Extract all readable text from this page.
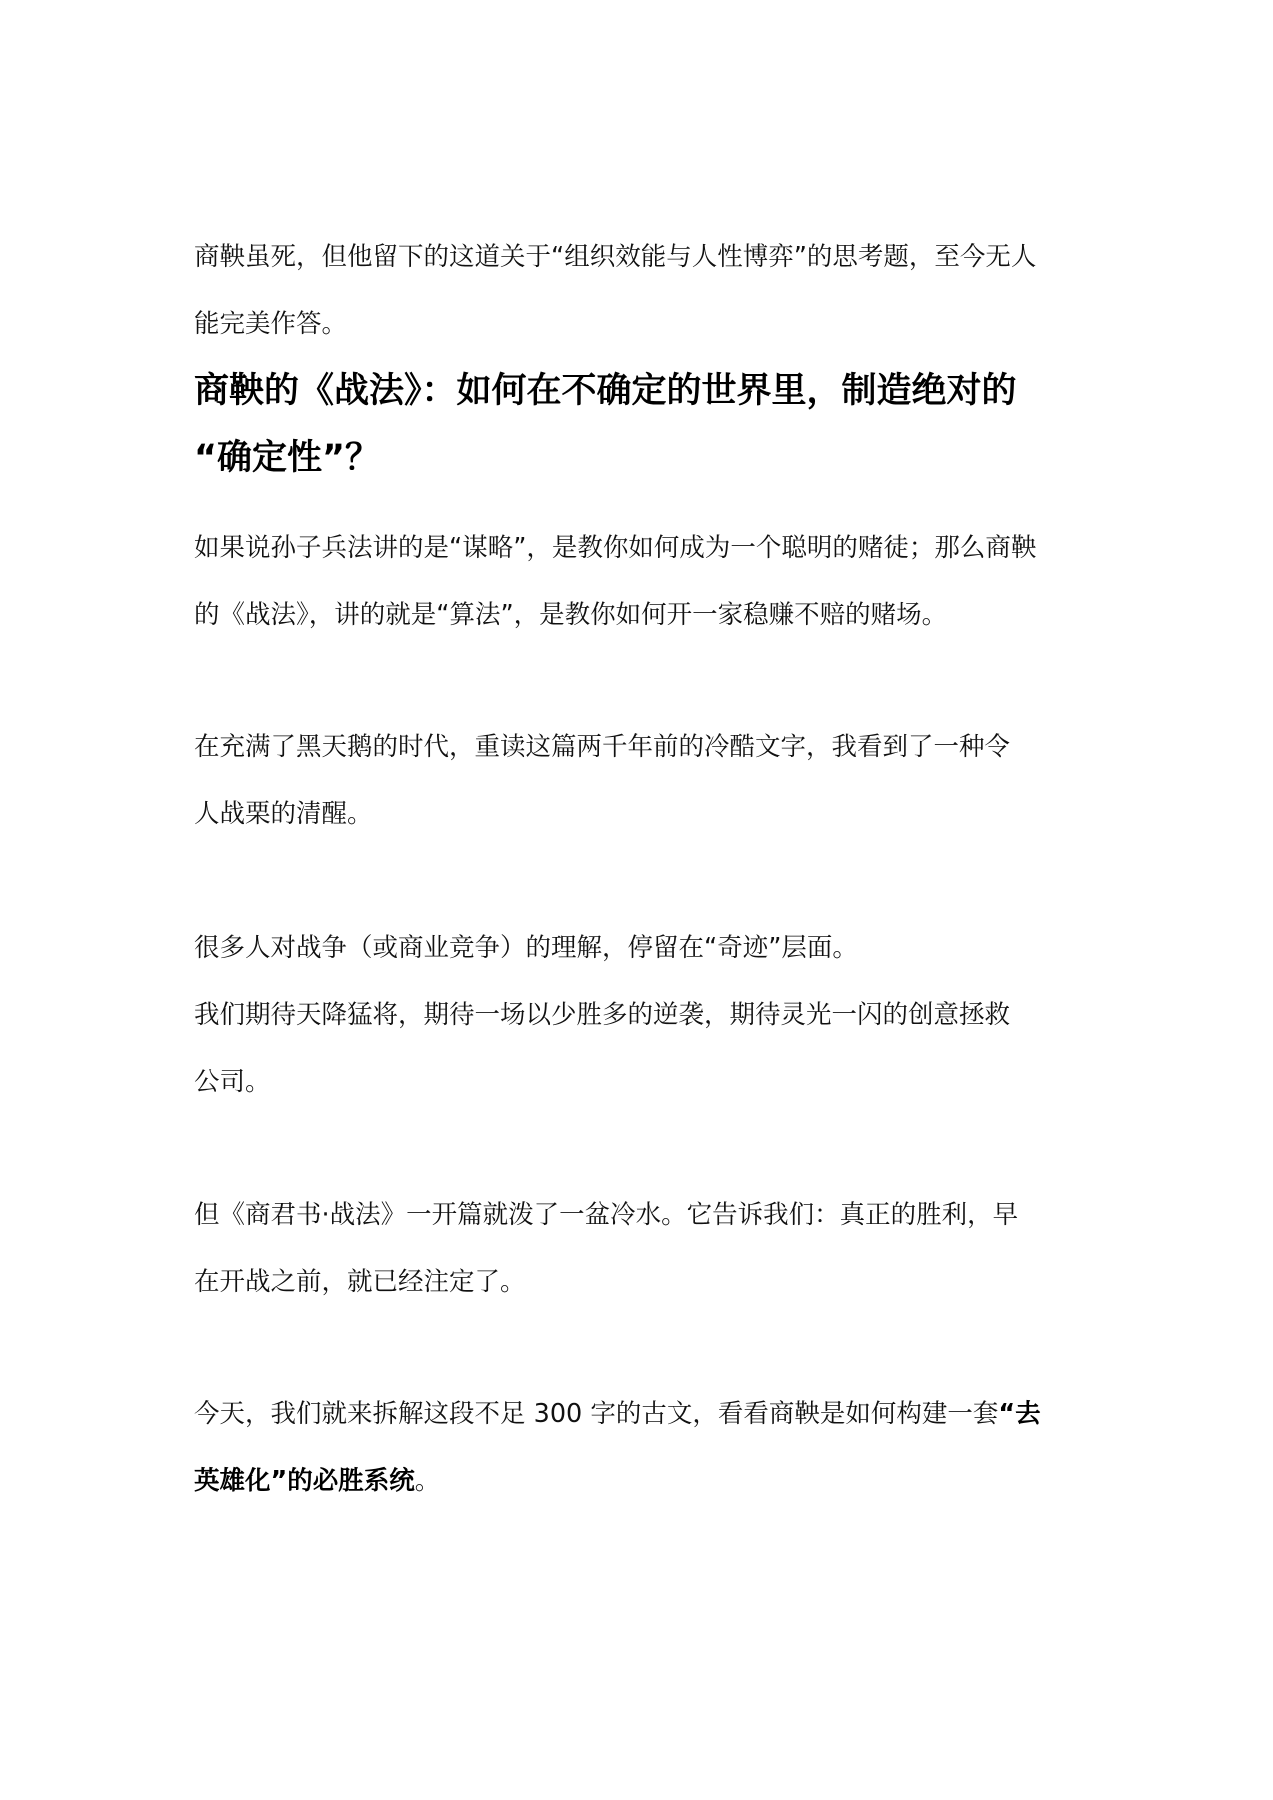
商鞅虽死，但他留下的这道关于“组织效能与人性博弈”的思考题，至今无人
能完美作答。

商鞅的《战法》：如何在不确定的世界里，制造绝对的
“确定性”？

如果说孙子兵法讲的是“谋略”，是教你如何成为一个聪明的赌徒；那么商鞅
的《战法》，讲的就是“算法”，是教你如何开一家稳赚不赔的赌场。

在充满了黑天鹅的时代，重读这篇两千年前的冷酷文字，我看到了一种令
人战栗的清醒。

很多人对战争（或商业竞争）的理解，停留在“奇迹”层面。

我们期待天降猛将，期待一场以少胜多的逆袭，期待灵光一闪的创意拯救
公司。

但《商君书·战法》一开篇就泼了一盆冷水。它告诉我们：真正的胜利，早
在开战之前，就已经注定了。

今天，我们就来拆解这段不足 300 字的古文，看看商鞅是如何构建一套“去
英雄化”的必胜系统。
